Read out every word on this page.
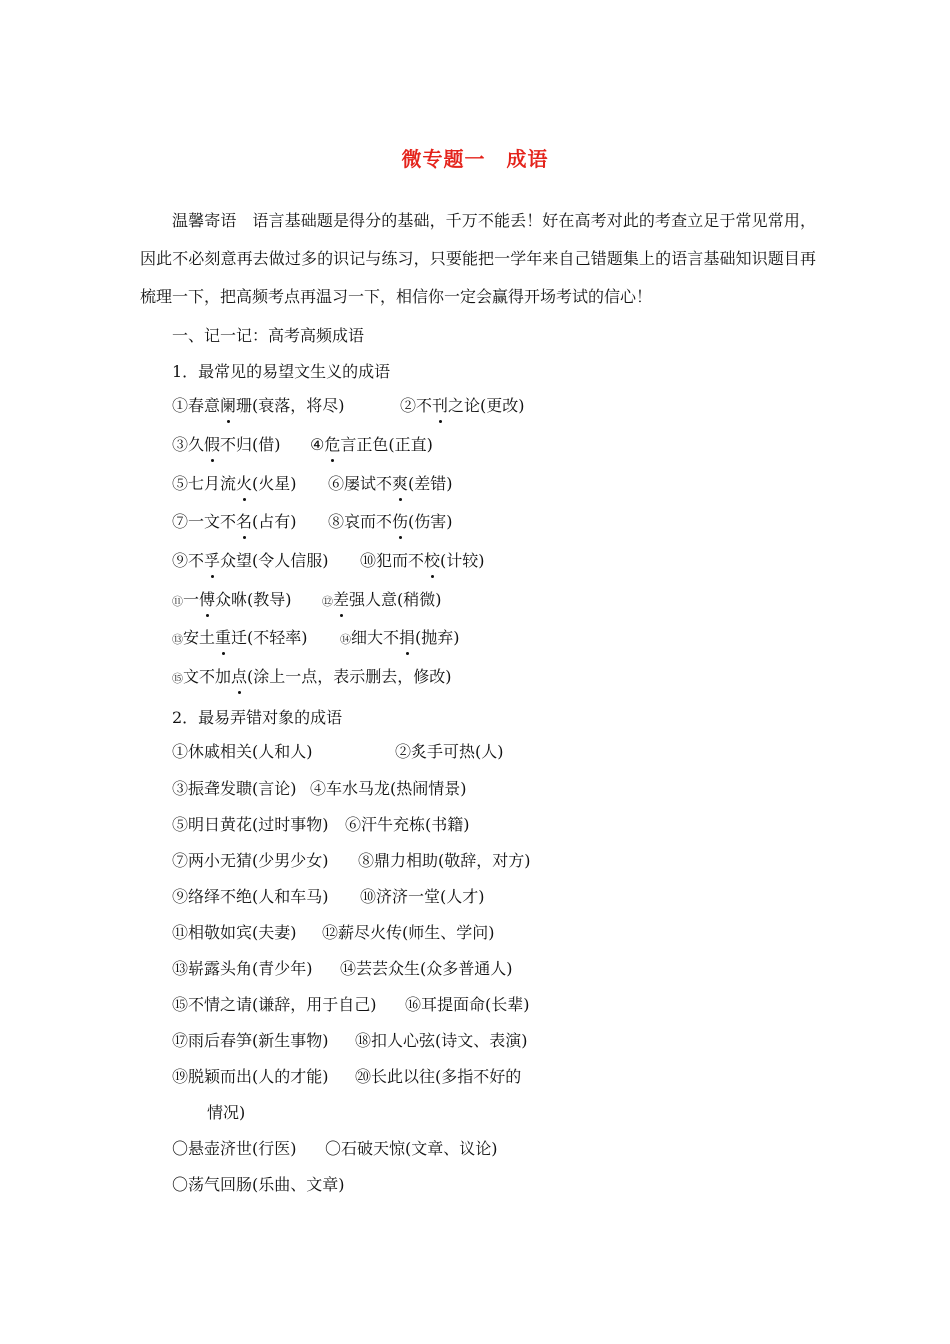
微专题一　成语
温馨寄语 语言基础题是得分的基础，千万不能丢！好在高考对此的考查立足于常见常用，因此不必刻意再去做过多的识记与练习，只要能把一学年来自己错题集上的语言基础知识题目再梳理一下，把高频考点再温习一下，相信你一定会赢得开场考试的信心！
一、记一记：高考高频成语
1．最常见的易望文生义的成语
①春意阑珊(衰落，将尽)	②不刊之论(更改)
③久假不归(借) ④危言正色(正直)
⑤七月流火(火星) ⑥屡试不爽(差错)
⑦一文不名(占有) ⑧哀而不伤(伤害)
⑨不孚众望(令人信服) ⑩犯而不校(计较)
⑪一傅众咻(教导)	⑫差强人意(稍微)
⑬安土重迁(不轻率)	⑭细大不捐(抛弃)
⑮文不加点(涂上一点，表示删去，修改)
2．最易弄错对象的成语
①休戚相关(人和人)	②炙手可热(人)
③振聋发聩(言论) ④车水马龙(热闹情景)
⑤明日黄花(过时事物) ⑥汗牛充栋(书籍)
⑦两小无猜(少男少女) ⑧鼎力相助(敬辞，对方)
⑨络绎不绝(人和车马) ⑩济济一堂(人才)
⑪相敬如宾(夫妻) ⑫薪尽火传(师生、学问)
⑬崭露头角(青少年) ⑭芸芸众生(众多普通人)
⑮不情之请(谦辞，用于自己) ⑯耳提面命(长辈)
⑰雨后春笋(新生事物) ⑱扣人心弦(诗文、表演)
⑲脱颖而出(人的才能) ⑳长此以往(多指不好的
情况)
〇悬壶济世(行医) 〇石破天惊(文章、议论)
〇荡气回肠(乐曲、文章)
